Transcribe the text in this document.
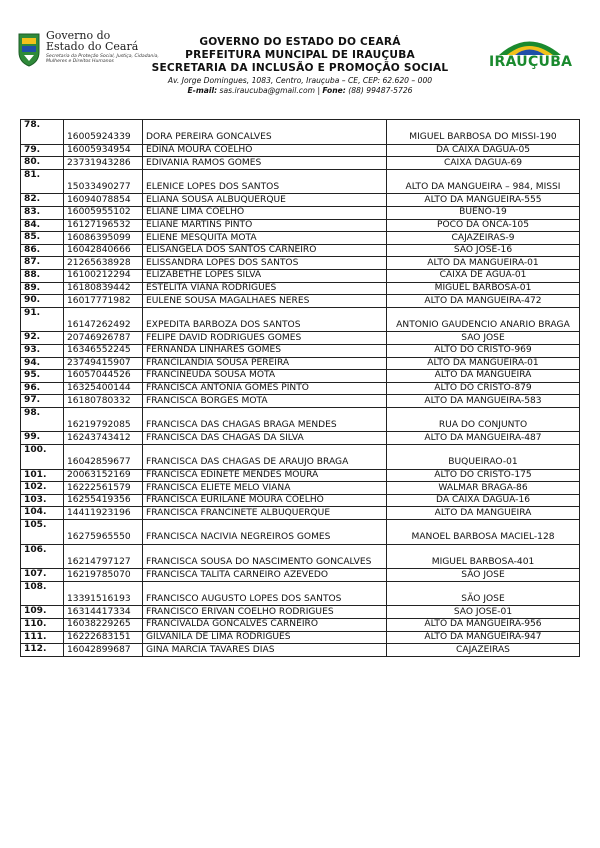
Governo do
Estado do Ceará
Secretaria da Proteção Social, Justiça, Cidadania, Mulheres e Direitos Humanos
GOVERNO DO ESTADO DO CEARÁ
PREFEITURA MUNCIPAL DE IRAUÇUBA
SECRETARIA DA INCLUSÃO E PROMOÇÃO SOCIAL
Av. Jorge Domingues, 1083, Centro, Irauçuba – CE, CEP: 62.620 – 000
E-mail: sas.iraucuba@gmail.com | Fone: (88) 99487-5726
IRAUÇUBA
78.	16005924339	DORA PEREIRA GONCALVES	MIGUEL BARBOSA DO MISSI-190
79.	16005934954	EDINA MOURA COELHO	DA CAIXA DAGUA-05
80.	23731943286	EDIVANIA RAMOS GOMES	CAIXA DAGUA-69
81.	15033490277	ELENICE LOPES DOS SANTOS	ALTO DA MANGUEIRA – 984, MISSI
82.	16094078854	ELIANA SOUSA ALBUQUERQUE	ALTO DA MANGUEIRA-555
83.	16005955102	ELIANE LIMA COELHO	BUENO-19
84.	16127196532	ELIANE MARTINS PINTO	POCO DA ONCA-105
85.	16086395099	ELIENE MESQUITA MOTA	CAJAZEIRAS-9
86.	16042840666	ELISANGELA DOS SANTOS CARNEIRO	SAO JOSE-16
87.	21265638928	ELISSANDRA LOPES DOS SANTOS	ALTO DA MANGUEIRA-01
88.	16100212294	ELIZABETHE LOPES SILVA	CAIXA DE AGUA-01
89.	16180839442	ESTELITA VIANA RODRIGUES	MIGUEL BARBOSA-01
90.	16017771982	EULENE SOUSA MAGALHAES NERES	ALTO DA MANGUEIRA-472
91.	16147262492	EXPEDITA BARBOZA DOS SANTOS	ANTONIO GAUDENCIO ANARIO BRAGA
92.	20746926787	FELIPE DAVID RODRIGUES GOMES	SAO JOSE
93.	16346552245	FERNANDA LINHARES GOMES	ALTO DO CRISTO-969
94.	23749415907	FRANCILANDIA SOUSA PEREIRA	ALTO DA MANGUEIRA-01
95.	16057044526	FRANCINEUDA SOUSA MOTA	ALTO DA MANGUEIRA
96.	16325400144	FRANCISCA ANTONIA GOMES PINTO	ALTO DO CRISTO-879
97.	16180780332	FRANCISCA BORGES MOTA	ALTO DA MANGUEIRA-583
98.	16219792085	FRANCISCA DAS CHAGAS BRAGA MENDES	RUA DO CONJUNTO
99.	16243743412	FRANCISCA DAS CHAGAS DA SILVA	ALTO DA MANGUEIRA-487
100.	16042859677	FRANCISCA DAS CHAGAS DE ARAUJO BRAGA	BUQUEIRAO-01
101.	20063152169	FRANCISCA EDINETE MENDES MOURA	ALTO DO CRISTO-175
102.	16222561579	FRANCISCA ELIETE MELO VIANA	WALMAR BRAGA-86
103.	16255419356	FRANCISCA EURILANE MOURA COELHO	DA CAIXA DAGUA-16
104.	14411923196	FRANCISCA FRANCINETE ALBUQUERQUE	ALTO DA MANGUEIRA
105.	16275965550	FRANCISCA NACIVIA NEGREIROS GOMES	MANOEL BARBOSA MACIEL-128
106.	16214797127	FRANCISCA SOUSA DO NASCIMENTO GONCALVES	MIGUEL BARBOSA-401
107.	16219785070	FRANCISCA TALITA CARNEIRO AZEVEDO	SÃO JOSE
108.	13391516193	FRANCISCO AUGUSTO LOPES DOS SANTOS	SÃO JOSE
109.	16314417334	FRANCISCO ERIVAN COELHO RODRIGUES	SAO JOSE-01
110.	16038229265	FRANCIVALDA GONCALVES CARNEIRO	ALTO DA MANGUEIRA-956
111.	16222683151	GILVANILA DE LIMA RODRIGUES	ALTO DA MANGUEIRA-947
112.	16042899687	GINA MARCIA TAVARES DIAS	CAJAZEIRAS
